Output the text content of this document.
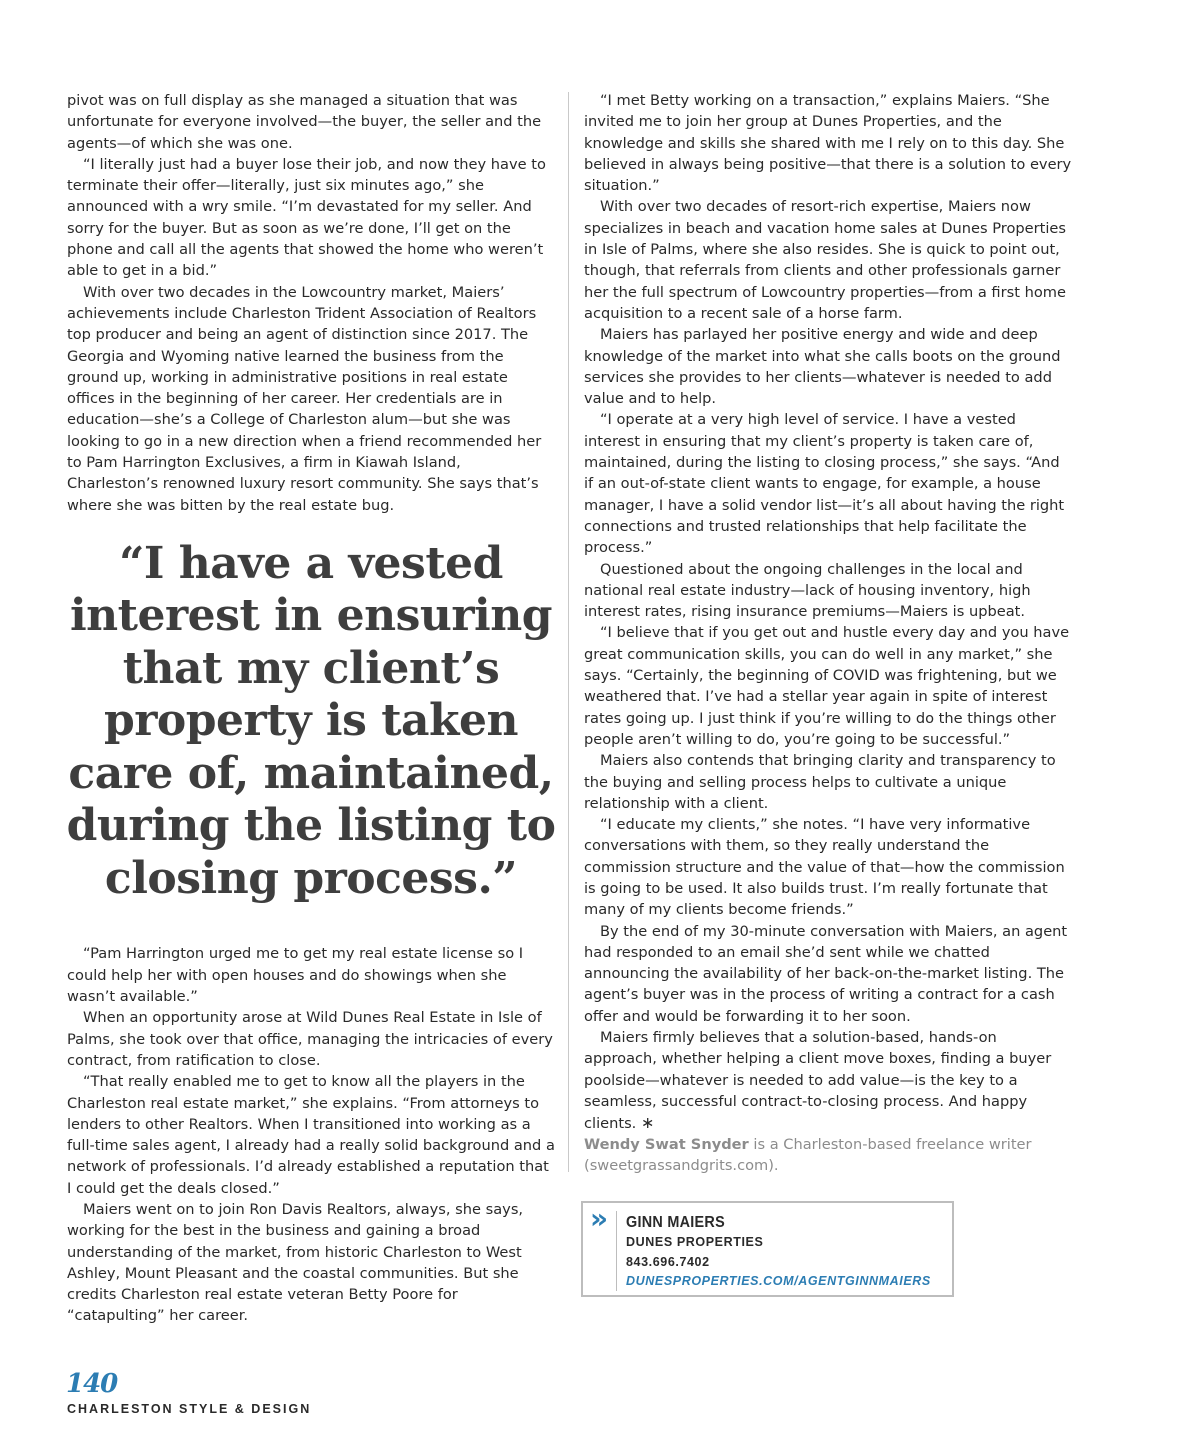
pivot was on full display as she managed a situation that was unfortunate for everyone involved—the buyer, the seller and the agents—of which she was one.

“I literally just had a buyer lose their job, and now they have to terminate their offer—literally, just six minutes ago,” she announced with a wry smile. “I’m devastated for my seller. And sorry for the buyer. But as soon as we’re done, I’ll get on the phone and call all the agents that showed the home who weren’t able to get in a bid.”

With over two decades in the Lowcountry market, Maiers’ achievements include Charleston Trident Association of Realtors top producer and being an agent of distinction since 2017. The Georgia and Wyoming native learned the business from the ground up, working in administrative positions in real estate offices in the beginning of her career. Her credentials are in education—she’s a College of Charleston alum—but she was looking to go in a new direction when a friend recommended her to Pam Harrington Exclusives, a firm in Kiawah Island, Charleston’s renowned luxury resort community. She says that’s where she was bitten by the real estate bug.

“I have a vested interest in ensuring that my client’s property is taken care of, maintained, during the listing to closing process.”

“Pam Harrington urged me to get my real estate license so I could help her with open houses and do showings when she wasn’t available.”

When an opportunity arose at Wild Dunes Real Estate in Isle of Palms, she took over that office, managing the intricacies of every contract, from ratification to close.

“That really enabled me to get to know all the players in the Charleston real estate market,” she explains. “From attorneys to lenders to other Realtors. When I transitioned into working as a full-time sales agent, I already had a really solid background and a network of professionals. I’d already established a reputation that I could get the deals closed.”

Maiers went on to join Ron Davis Realtors, always, she says, working for the best in the business and gaining a broad understanding of the market, from historic Charleston to West Ashley, Mount Pleasant and the coastal communities. But she credits Charleston real estate veteran Betty Poore for “catapulting” her career.

“I met Betty working on a transaction,” explains Maiers. “She invited me to join her group at Dunes Properties, and the knowledge and skills she shared with me I rely on to this day. She believed in always being positive—that there is a solution to every situation.”

With over two decades of resort-rich expertise, Maiers now specializes in beach and vacation home sales at Dunes Properties in Isle of Palms, where she also resides. She is quick to point out, though, that referrals from clients and other professionals garner her the full spectrum of Lowcountry properties—from a first home acquisition to a recent sale of a horse farm.

Maiers has parlayed her positive energy and wide and deep knowledge of the market into what she calls boots on the ground services she provides to her clients—whatever is needed to add value and to help.

“I operate at a very high level of service. I have a vested interest in ensuring that my client’s property is taken care of, maintained, during the listing to closing process,” she says. “And if an out-of-state client wants to engage, for example, a house manager, I have a solid vendor list—it’s all about having the right connections and trusted relationships that help facilitate the process.”

Questioned about the ongoing challenges in the local and national real estate industry—lack of housing inventory, high interest rates, rising insurance premiums—Maiers is upbeat.

“I believe that if you get out and hustle every day and you have great communication skills, you can do well in any market,” she says. “Certainly, the beginning of COVID was frightening, but we weathered that. I’ve had a stellar year again in spite of interest rates going up. I just think if you’re willing to do the things other people aren’t willing to do, you’re going to be successful.”

Maiers also contends that bringing clarity and transparency to the buying and selling process helps to cultivate a unique relationship with a client.

“I educate my clients,” she notes. “I have very informative conversations with them, so they really understand the commission structure and the value of that—how the commission is going to be used. It also builds trust. I’m really fortunate that many of my clients become friends.”

By the end of my 30-minute conversation with Maiers, an agent had responded to an email she’d sent while we chatted announcing the availability of her back-on-the-market listing. The agent’s buyer was in the process of writing a contract for a cash offer and would be forwarding it to her soon.

Maiers firmly believes that a solution-based, hands-on approach, whether helping a client move boxes, finding a buyer poolside—whatever is needed to add value—is the key to a seamless, successful contract-to-closing process. And happy clients. ∗

Wendy Swat Snyder is a Charleston-based freelance writer (sweetgrassandgrits.com).
» GINN MAIERS
DUNES PROPERTIES
843.696.7402
DUNESPROPERTIES.COM/AGENTGINNMAIERS
140
CHARLESTON STYLE & DESIGN
